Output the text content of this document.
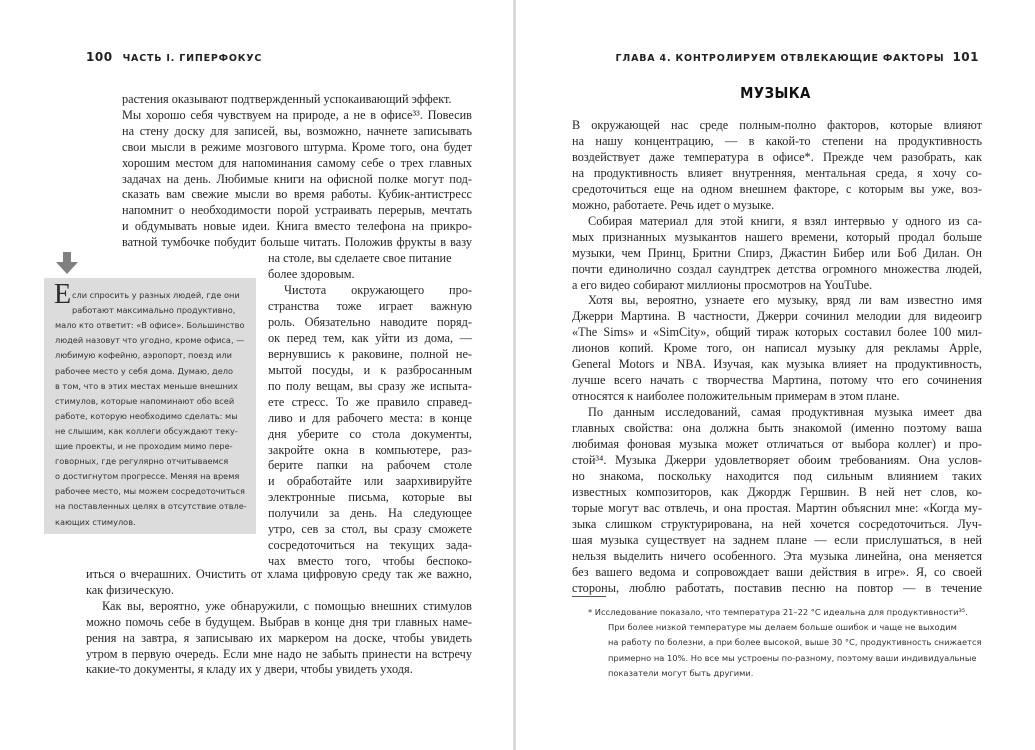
100 ЧАСТЬ I. ГИПЕРФОКУС

растения оказывают подтвержденный успокаивающий эффект.

Мы хорошо себя чувствуем на природе, а не в офисе³³. Повесив

на стену доску для записей, вы, возможно, начнете записывать

свои мысли в режиме мозгового штурма. Кроме того, она будет

хорошим местом для напоминания самому себе о трех главных

задачах на день. Любимые книги на офисной полке могут под-

сказать вам свежие мысли во время работы. Кубик-антистресс

напомнит о необходимости порой устраивать перерыв, мечтать

и обдумывать новые идеи. Книга вместо телефона на прикро-

ватной тумбочке побудит больше читать. Положив фрукты в вазу

на столе, вы сделаете свое питание

более здоровым.

Е сли спросить у разных людей, где они

работают максимально продуктивно,

мало кто ответит: «В офисе». Большинство

людей назовут что угодно, кроме офиса, —

любимую кофейню, аэропорт, поезд или

рабочее место у себя дома. Думаю, дело

в том, что в этих местах меньше внешних

стимулов, которые напоминают обо всей

работе, которую необходимо сделать: мы

не слышим, как коллеги обсуждают теку-

щие проекты, и не проходим мимо пере-

говорных, где регулярно отчитываемся

о достигнутом прогрессе. Меняя на время

рабочее место, мы можем сосредоточиться

на поставленных целях в отсутствие отвле-

кающих стимулов.

Чистота окружающего про-

странства тоже играет важную

роль. Обязательно наводите поряд-

ок перед тем, как уйти из дома, —

вернувшись к раковине, полной не-

мытой посуды, и к разбросанным

по полу вещам, вы сразу же испыта-

ете стресс. То же правило справед-

ливо и для рабочего места: в конце

дня уберите со стола документы,

закройте окна в компьютере, раз-

берите папки на рабочем столе

и обработайте или заархивируйте

электронные письма, которые вы

получили за день. На следующее

утро, сев за стол, вы сразу сможете

сосредоточиться на текущих зада-

чах вместо того, чтобы беспоко-

иться о вчерашних. Очистить от хлама цифровую среду так же важно,

как физическую.

Как вы, вероятно, уже обнаружили, с помощью внешних стимулов

можно помочь себе в будущем. Выбрав в конце дня три главных наме-

рения на завтра, я записываю их маркером на доске, чтобы увидеть

утром в первую очередь. Если мне надо не забыть принести на встречу

какие-то документы, я кладу их у двери, чтобы увидеть уходя.

ГЛАВА 4. КОНТРОЛИРУЕМ ОТВЛЕКАЮЩИЕ ФАКТОРЫ 101
МУЗЫКА

В окружающей нас среде полным-полно факторов, которые влияют

на нашу концентрацию, — в какой-то степени на продуктивность

воздействует даже температура в офисе*. Прежде чем разобрать, как

на продуктивность влияет внутренняя, ментальная среда, я хочу со-

средоточиться еще на одном внешнем факторе, с которым вы уже, воз-

можно, работаете. Речь идет о музыке.

Собирая материал для этой книги, я взял интервью у одного из са-

мых признанных музыкантов нашего времени, который продал больше

музыки, чем Принц, Бритни Спирз, Джастин Бибер или Боб Дилан. Он

почти единолично создал саундтрек детства огромного множества людей,

а его видео собирают миллионы просмотров на YouTube.

Хотя вы, вероятно, узнаете его музыку, вряд ли вам известно имя

Джерри Мартина. В частности, Джерри сочинил мелодии для видеоигр

«The Sims» и «SimCity», общий тираж которых составил более 100 мил-

лионов копий. Кроме того, он написал музыку для рекламы Apple,

General Motors и NBA. Изучая, как музыка влияет на продуктивность,

лучше всего начать с творчества Мартина, потому что его сочинения

относятся к наиболее положительным примерам в этом плане.

По данным исследований, самая продуктивная музыка имеет два

главных свойства: она должна быть знакомой (именно поэтому ваша

любимая фоновая музыка может отличаться от выбора коллег) и про-

стой³⁴. Музыка Джерри удовлетворяет обоим требованиям. Она услов-

но знакома, поскольку находится под сильным влиянием таких

известных композиторов, как Джордж Гершвин. В ней нет слов, ко-

торые могут вас отвлечь, и она простая. Мартин объяснил мне: «Когда му-

зыка слишком структурирована, на ней хочется сосредоточиться. Луч-

шая музыка существует на заднем плане — если прислушаться, в ней

нельзя выделить ничего особенного. Эта музыка линейна, она меняется

без вашего ведома и сопровождает ваши действия в игре». Я, со своей

стороны, люблю работать, поставив песню на повтор — в течение

* Исследование показало, что температура 21–22 °С идеальна для продуктивности³⁵.

При более низкой температуре мы делаем больше ошибок и чаще не выходим

на работу по болезни, а при более высокой, выше 30 °С, продуктивность снижается

примерно на 10%. Но все мы устроены по-разному, поэтому ваши индивидуальные

показатели могут быть другими.
